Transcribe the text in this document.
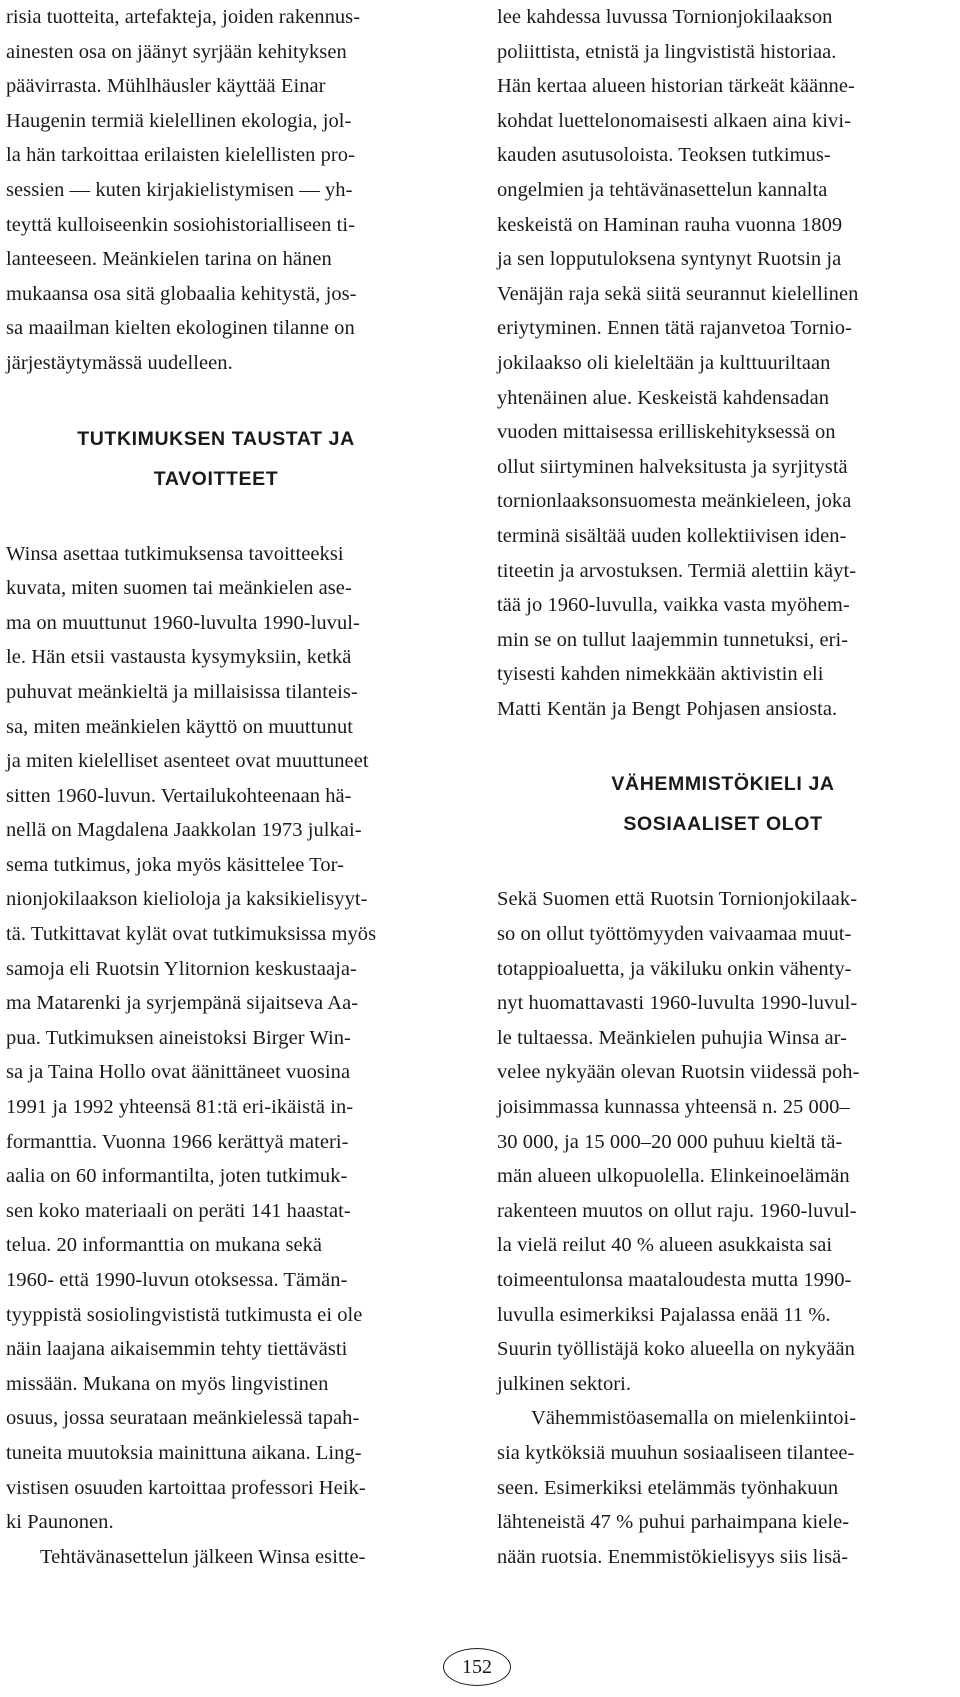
risia tuotteita, artefakteja, joiden rakennus-
ainesten osa on jäänyt syrjään kehityksen
päävirrasta. Mühlhäusler käyttää Einar
Haugenin termiä kielellinen ekologia, jol-
la hän tarkoittaa erilaisten kielellisten pro-
sessien — kuten kirjakielistymisen — yh-
teyttä kulloiseenkin sosiohistorialliseen ti-
lanteeseen. Meänkielen tarina on hänen
mukaansa osa sitä globaalia kehitystä, jos-
sa maailman kielten ekologinen tilanne on
järjestäytymässä uudelleen.
TUTKIMUKSEN TAUSTAT JA
TAVOITTEET
Winsa asettaa tutkimuksensa tavoitteeksi
kuvata, miten suomen tai meänkielen ase-
ma on muuttunut 1960-luvulta 1990-luvul-
le. Hän etsii vastausta kysymyksiin, ketkä
puhuvat meänkieltä ja millaisissa tilanteis-
sa, miten meänkielen käyttö on muuttunut
ja miten kielelliset asenteet ovat muuttuneet
sitten 1960-luvun. Vertailukohteenaan hä-
nellä on Magdalena Jaakkolan 1973 julkai-
sema tutkimus, joka myös käsittelee Tor-
nionjokilaakson kielioloja ja kaksikielisyyt-
tä. Tutkittavat kylät ovat tutkimuksissa myös
samoja eli Ruotsin Ylitornion keskustaaja-
ma Matarenki ja syrjempänä sijaitseva Aa-
pua. Tutkimuksen aineistoksi Birger Win-
sa ja Taina Hollo ovat äänittäneet vuosina
1991 ja 1992 yhteensä 81:tä eri-ikäistä in-
formanttia. Vuonna 1966 kerättyä materi-
aalia on 60 informantilta, joten tutkimuk-
sen koko materiaali on peräti 141 haastat-
telua. 20 informanttia on mukana sekä
1960- että 1990-luvun otoksessa. Tämän-
tyyppistä sosiolingvististä tutkimusta ei ole
näin laajana aikaisemmin tehty tiettävästi
missään. Mukana on myös lingvistinen
osuus, jossa seurataan meänkielessä tapah-
tuneita muutoksia mainittuna aikana. Ling-
vistisen osuuden kartoittaa professori Heik-
ki Paunonen.
Tehtävänasettelun jälkeen Winsa esitte-
lee kahdessa luvussa Tornionjokilaakson
poliittista, etnistä ja lingvististä historiaa.
Hän kertaa alueen historian tärkeät käänne-
kohdat luettelonomaisesti alkaen aina kivi-
kauden asutusoloista. Teoksen tutkimus-
ongelmien ja tehtävänasettelun kannalta
keskeistä on Haminan rauha vuonna 1809
ja sen lopputuloksena syntynyt Ruotsin ja
Venäjän raja sekä siitä seurannut kielellinen
eriytyminen. Ennen tätä rajanvetoa Tornio-
jokilaakso oli kieleltään ja kulttuuriltaan
yhtenäinen alue. Keskeistä kahdensadan
vuoden mittaisessa erilliskehityksessä on
ollut siirtyminen halveksitusta ja syrjitystä
tornionlaaksonsuomesta meänkieleen, joka
terminä sisältää uuden kollektiivisen iden-
titeetin ja arvostuksen. Termiä alettiin käyt-
tää jo 1960-luvulla, vaikka vasta myöhem-
min se on tullut laajemmin tunnetuksi, eri-
tyisesti kahden nimekkään aktivistin eli
Matti Kentän ja Bengt Pohjasen ansiosta.
VÄHEMMISTÖKIELI JA
SOSIAALISET OLOT
Sekä Suomen että Ruotsin Tornionjokilaak-
so on ollut työttömyyden vaivaamaa muut-
totappioaluetta, ja väkiluku onkin vähenty-
nyt huomattavasti 1960-luvulta 1990-luvul-
le tultaessa. Meänkielen puhujia Winsa ar-
velee nykyään olevan Ruotsin viidessä poh-
joisimmassa kunnassa yhteensä n. 25 000–
30 000, ja 15 000–20 000 puhuu kieltä tä-
män alueen ulkopuolella. Elinkeinoelämän
rakenteen muutos on ollut raju. 1960-luvul-
la vielä reilut 40 % alueen asukkaista sai
toimeentulonsa maataloudesta mutta 1990-
luvulla esimerkiksi Pajalassa enää 11 %.
Suurin työllistäjä koko alueella on nykyään
julkinen sektori.
Vähemmistöasemalla on mielenkiintoi-
sia kytköksiä muuhun sosiaaliseen tilantee-
seen. Esimerkiksi etelämmäs työnhakuun
lähteneistä 47 % puhui parhaimpana kiele-
nään ruotsia. Enemmistökielisyys siis lisä-
152
